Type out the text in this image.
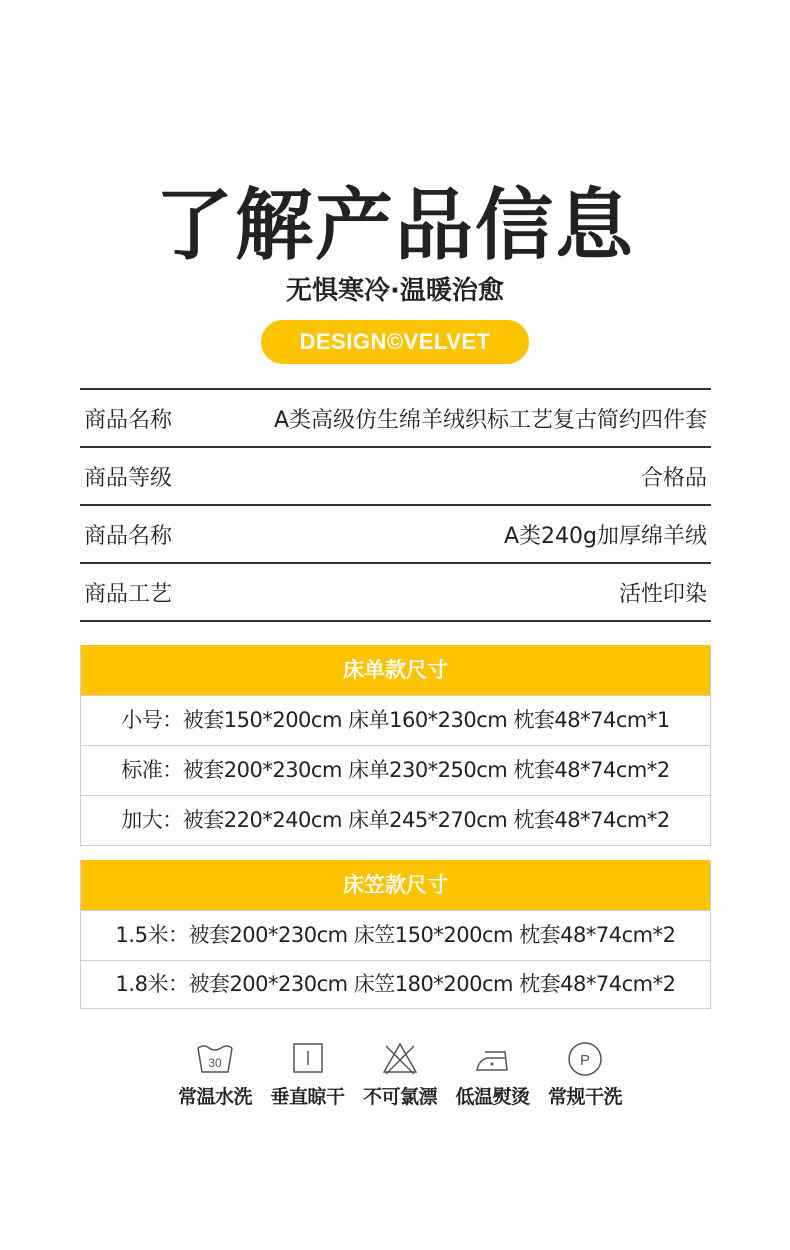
了解产品信息
无惧寒冷·温暖治愈
DESIGN©VELVET
商品名称	A类高级仿生绵羊绒织标工艺复古简约四件套
商品等级	合格品
商品名称	A类240g加厚绵羊绒
商品工艺	活性印染
床单款尺寸
小号：被套150*200cm 床单160*230cm 枕套48*74cm*1
标准：被套200*230cm 床单230*250cm 枕套48*74cm*2
加大：被套220*240cm 床单245*270cm 枕套48*74cm*2
床笠款尺寸
1.5米：被套200*230cm 床笠150*200cm 枕套48*74cm*2
1.8米：被套200*230cm 床笠180*200cm 枕套48*74cm*2
30
常温水洗 垂直晾干 不可氯漂 低温熨烫
P
常规干洗
